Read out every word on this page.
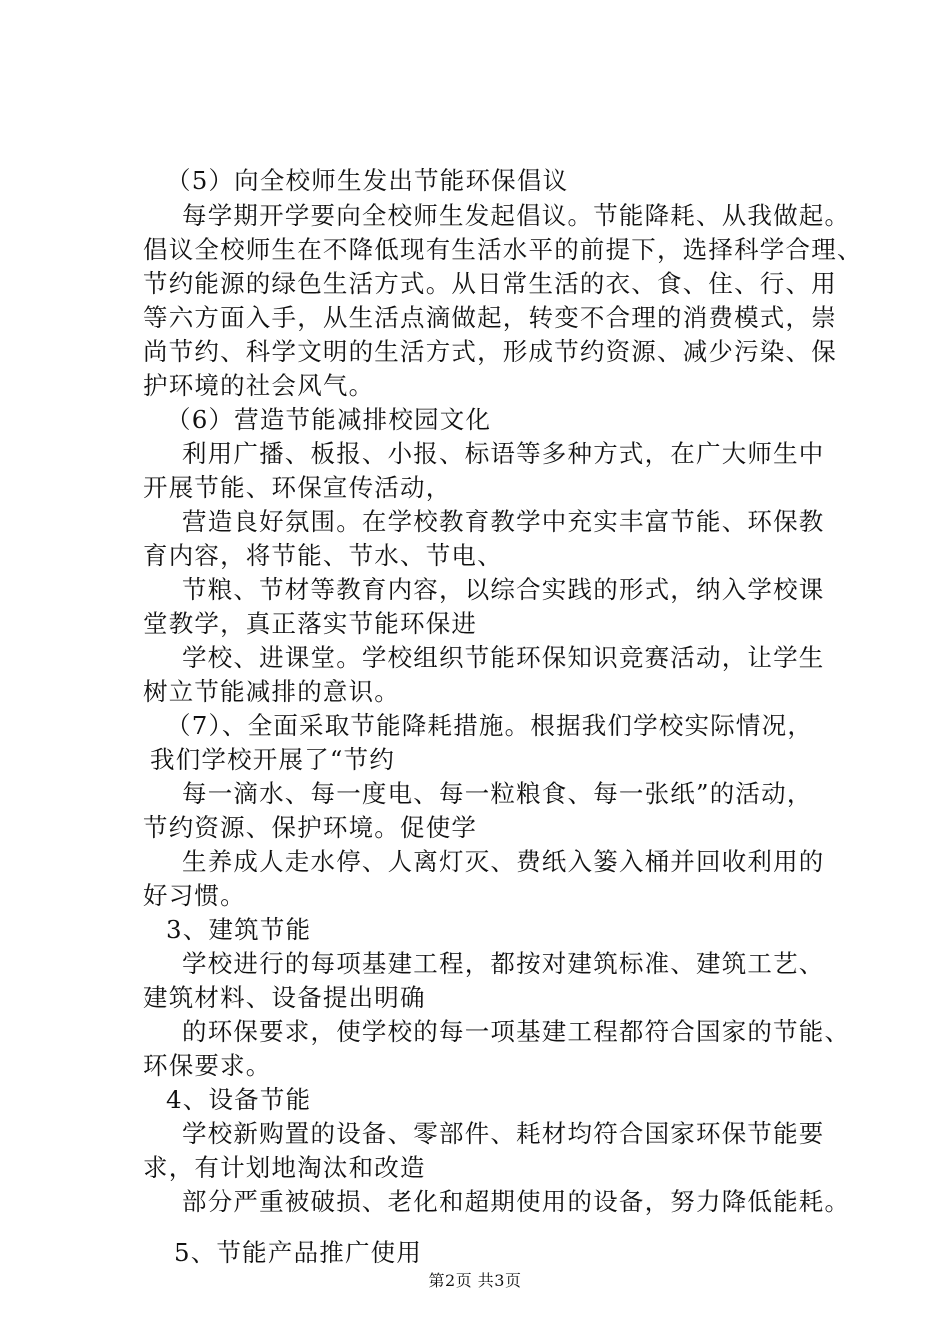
（5）向全校师生发出节能环保倡议
每学期开学要向全校师生发起倡议。节能降耗、从我做起。
倡议全校师生在不降低现有生活水平的前提下，选择科学合理、
节约能源的绿色生活方式。从日常生活的衣、食、住、行、用
等六方面入手，从生活点滴做起，转变不合理的消费模式，崇
尚节约、科学文明的生活方式，形成节约资源、减少污染、保
护环境的社会风气。
（6）营造节能减排校园文化
利用广播、板报、小报、标语等多种方式，在广大师生中
开展节能、环保宣传活动，
营造良好氛围。在学校教育教学中充实丰富节能、环保教
育内容，将节能、节水、节电、
节粮、节材等教育内容，以综合实践的形式，纳入学校课
堂教学，真正落实节能环保进
学校、进课堂。学校组织节能环保知识竞赛活动，让学生
树立节能减排的意识。
（7）、全面采取节能降耗措施。根据我们学校实际情况，
我们学校开展了“节约
每一滴水、每一度电、每一粒粮食、每一张纸”的活动，
节约资源、保护环境。促使学
生养成人走水停、人离灯灭、费纸入篓入桶并回收利用的
好习惯。
3、建筑节能
学校进行的每项基建工程，都按对建筑标准、建筑工艺、
建筑材料、设备提出明确
的环保要求，使学校的每一项基建工程都符合国家的节能、
环保要求。
4、设备节能
学校新购置的设备、零部件、耗材均符合国家环保节能要
求，有计划地淘汰和改造
部分严重被破损、老化和超期使用的设备，努力降低能耗。
5、节能产品推广使用
第2页 共3页
